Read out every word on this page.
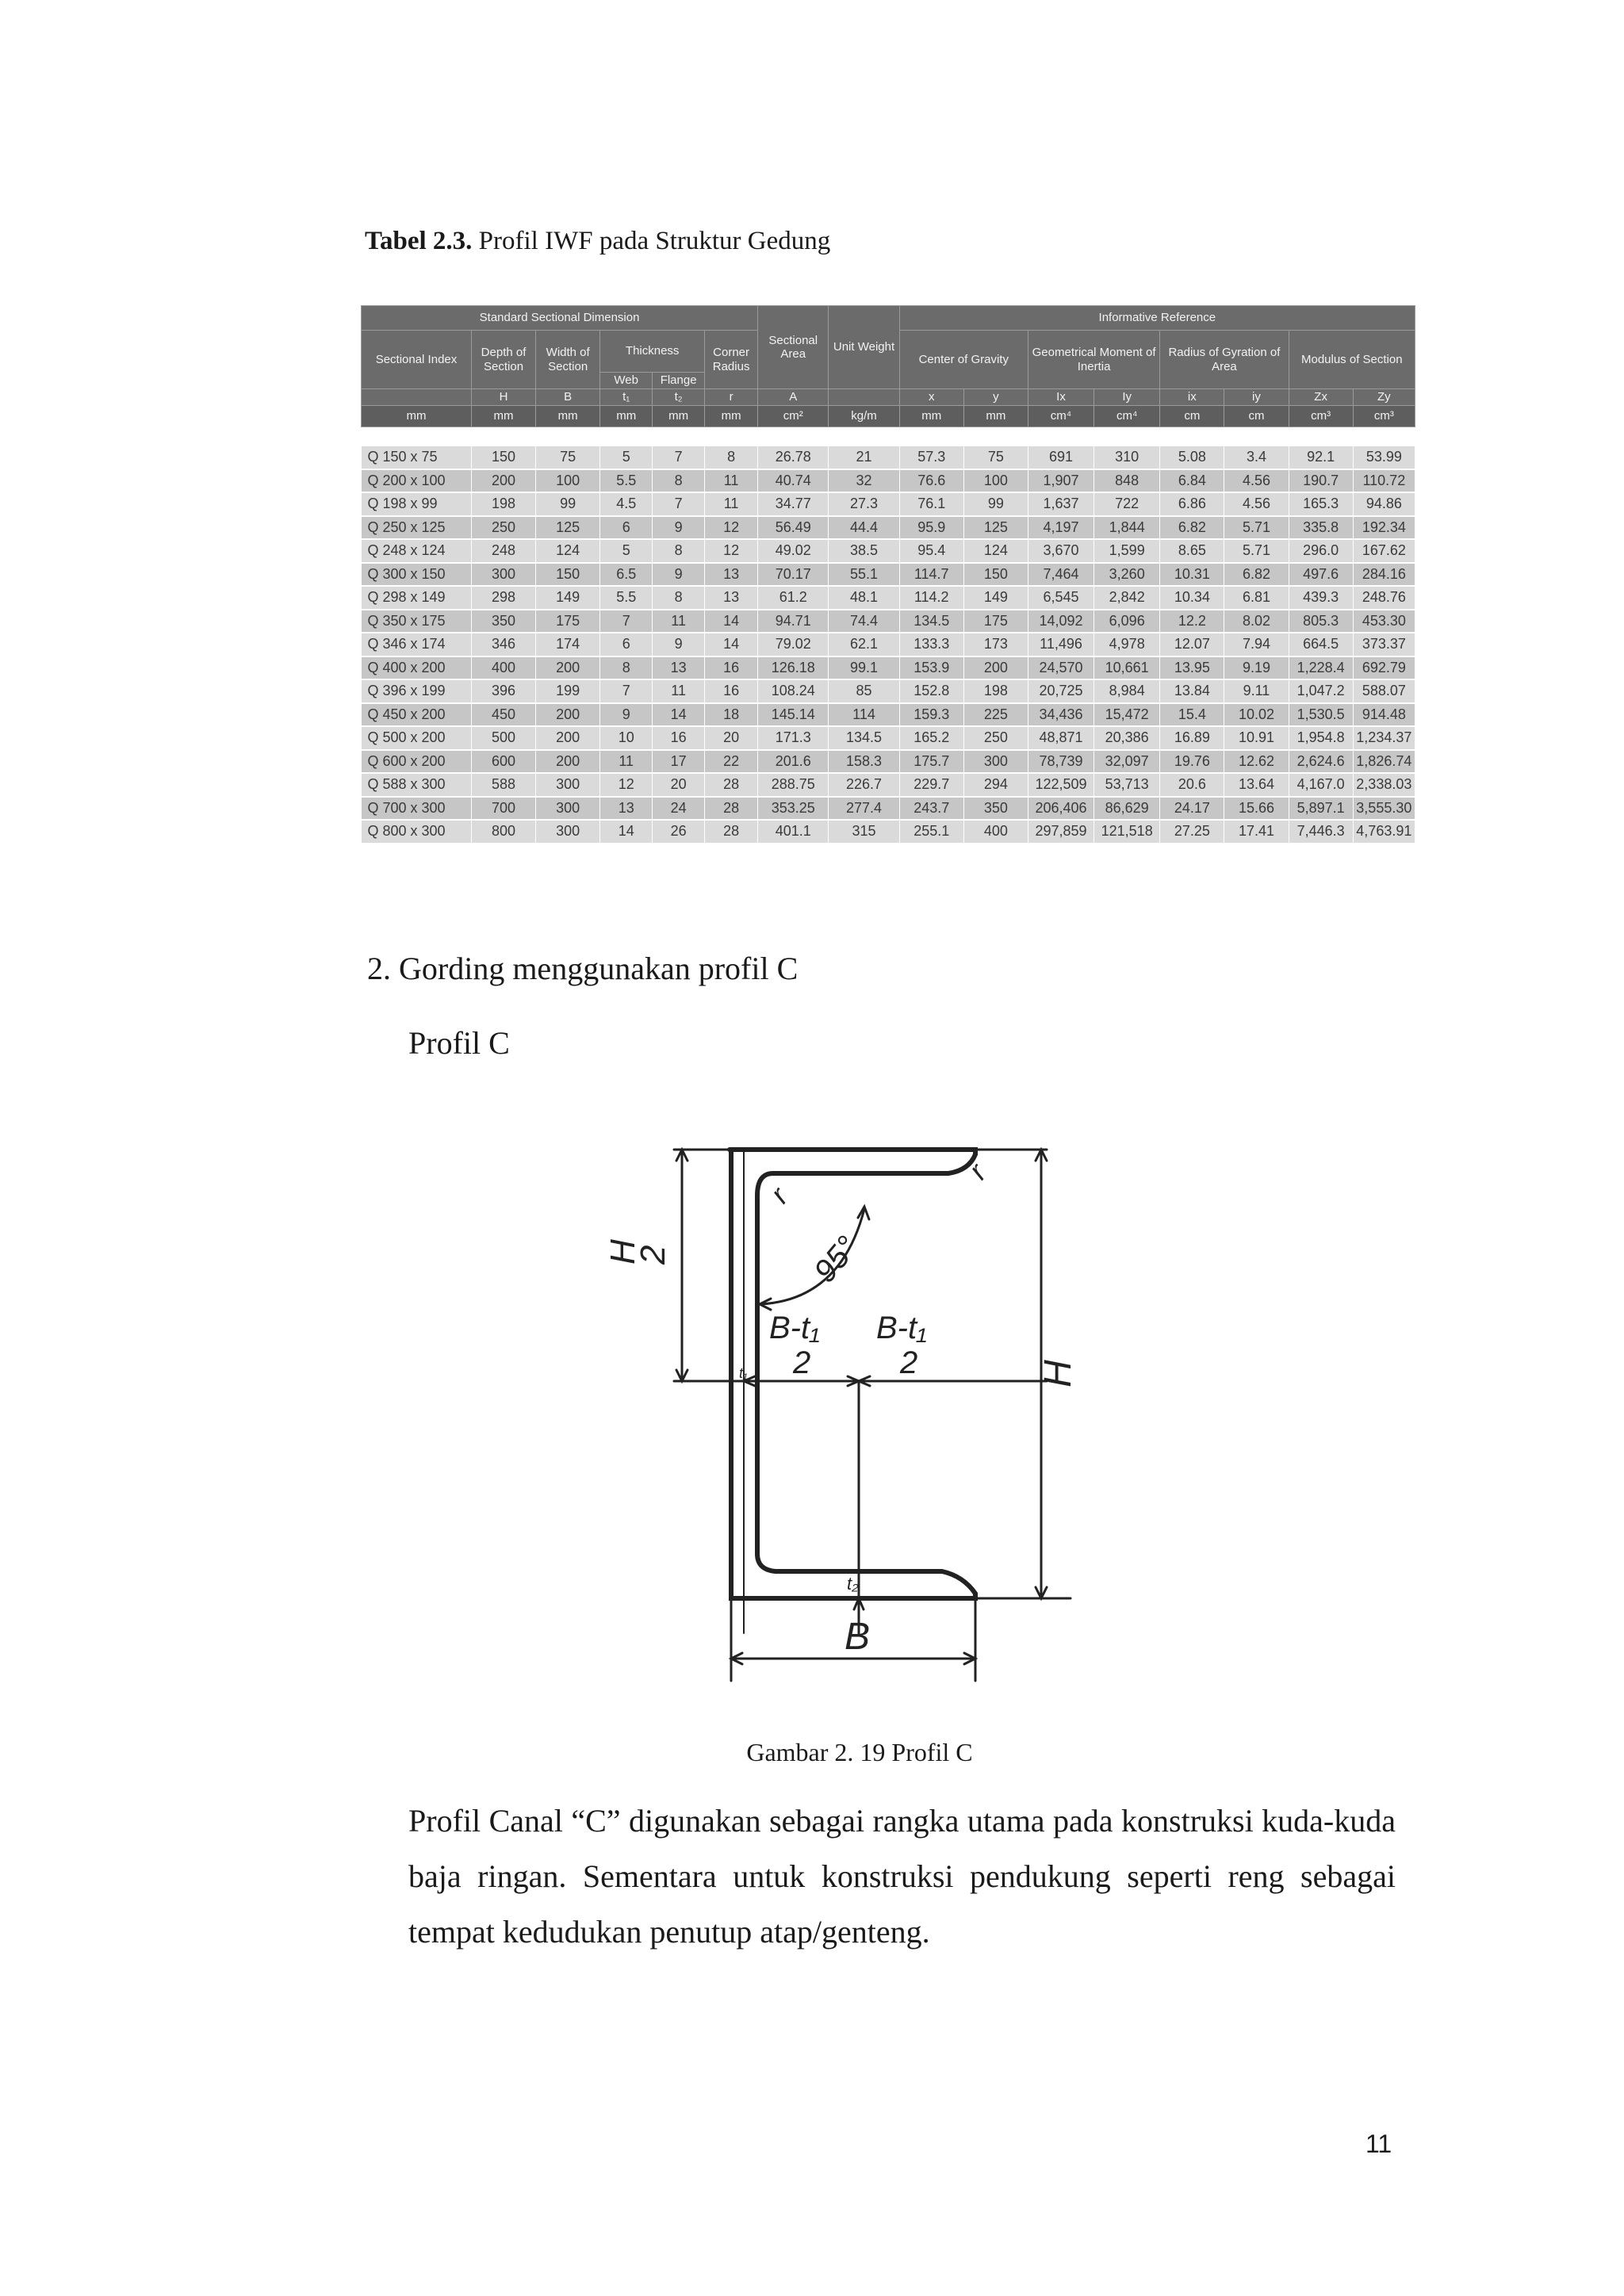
Tabel 2.3. Profil IWF pada Struktur Gedung
Standard Sectional Dimension						Sectional Area	Unit Weight	Informative Reference							
Sectional Index	Depth of Section	Width of Section	Thickness		Corner Radius			Center of Gravity		Geometrical Moment of Inertia		Radius of Gyration of Area		Modulus of Section	
			Web	Flange											
	H	B	t₁	t₂	r	A		x	y	Ix	Iy	ix	iy	Zx	Zy
mm	mm	mm	mm	mm	mm	cm²	kg/m	mm	mm	cm⁴	cm⁴	cm	cm	cm³	cm³

Q 150 x 75	150	75	5	7	8	26.78	21	57.3	75	691	310	5.08	3.4	92.1	53.99
Q 200 x 100	200	100	5.5	8	11	40.74	32	76.6	100	1,907	848	6.84	4.56	190.7	110.72
Q 198 x 99	198	99	4.5	7	11	34.77	27.3	76.1	99	1,637	722	6.86	4.56	165.3	94.86
Q 250 x 125	250	125	6	9	12	56.49	44.4	95.9	125	4,197	1,844	6.82	5.71	335.8	192.34
Q 248 x 124	248	124	5	8	12	49.02	38.5	95.4	124	3,670	1,599	8.65	5.71	296.0	167.62
Q 300 x 150	300	150	6.5	9	13	70.17	55.1	114.7	150	7,464	3,260	10.31	6.82	497.6	284.16
Q 298 x 149	298	149	5.5	8	13	61.2	48.1	114.2	149	6,545	2,842	10.34	6.81	439.3	248.76
Q 350 x 175	350	175	7	11	14	94.71	74.4	134.5	175	14,092	6,096	12.2	8.02	805.3	453.30
Q 346 x 174	346	174	6	9	14	79.02	62.1	133.3	173	11,496	4,978	12.07	7.94	664.5	373.37
Q 400 x 200	400	200	8	13	16	126.18	99.1	153.9	200	24,570	10,661	13.95	9.19	1,228.4	692.79
Q 396 x 199	396	199	7	11	16	108.24	85	152.8	198	20,725	8,984	13.84	9.11	1,047.2	588.07
Q 450 x 200	450	200	9	14	18	145.14	114	159.3	225	34,436	15,472	15.4	10.02	1,530.5	914.48
Q 500 x 200	500	200	10	16	20	171.3	134.5	165.2	250	48,871	20,386	16.89	10.91	1,954.8	1,234.37
Q 600 x 200	600	200	11	17	22	201.6	158.3	175.7	300	78,739	32,097	19.76	12.62	2,624.6	1,826.74
Q 588 x 300	588	300	12	20	28	288.75	226.7	229.7	294	122,509	53,713	20.6	13.64	4,167.0	2,338.03
Q 700 x 300	700	300	13	24	28	353.25	277.4	243.7	350	206,406	86,629	24.17	15.66	5,897.1	3,555.30
Q 800 x 300	800	300	14	26	28	401.1	315	255.1	400	297,859	121,518	27.25	17.41	7,446.3	4,763.91
2. Gording menggunakan profil C
Profil C
H
2	95°
r
r
B-t₁
2
B-t₁
2	H
B
t₁
t₂
Gambar 2. 19 Profil C
Profil Canal “C” digunakan sebagai rangka utama pada konstruksi kuda-kuda baja ringan. Sementara untuk konstruksi pendukung seperti reng sebagai tempat kedudukan penutup atap/genteng.
11
